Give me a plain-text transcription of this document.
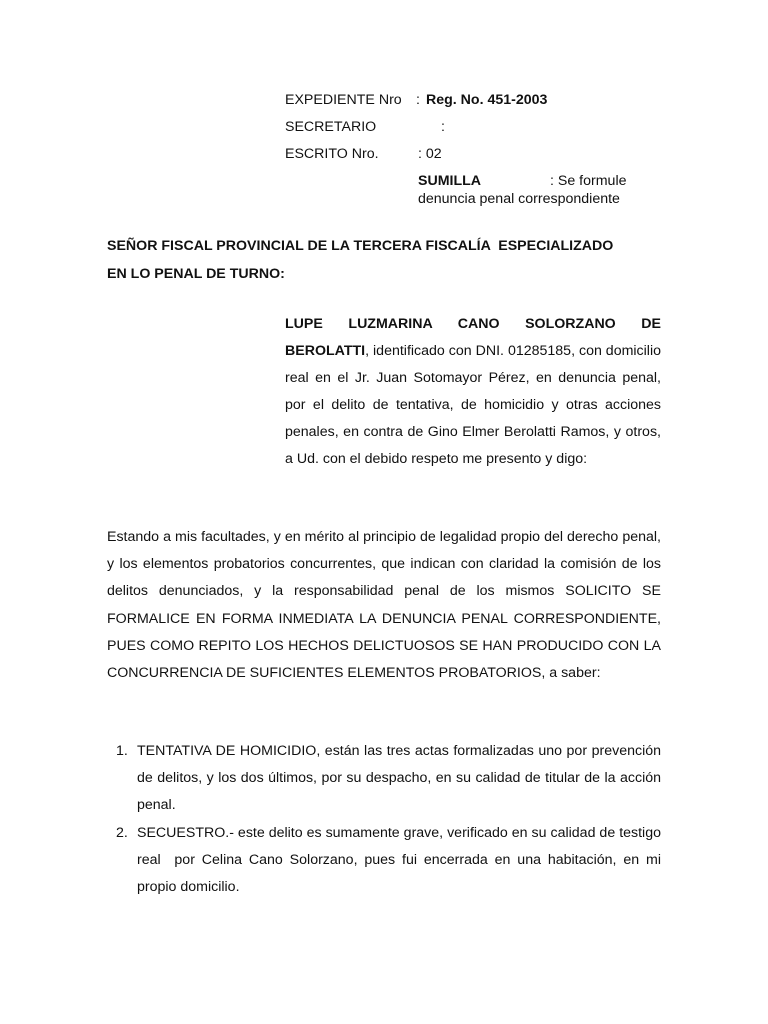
EXPEDIENTE Nro : Reg. No. 451-2003
SECRETARIO	:
ESCRITO Nro.	: 02
SUMILLA	: Se formule
denuncia penal correspondiente
SEÑOR FISCAL PROVINCIAL DE LA TERCERA FISCALÍA  ESPECIALIZADO
EN LO PENAL DE TURNO:
LUPE LUZMARINA CANO SOLORZANO DE BEROLATTI, identificado con DNI. 01285185, con domicilio real en el Jr. Juan Sotomayor Pérez, en denuncia penal, por el delito de tentativa, de homicidio y otras acciones penales, en contra de Gino Elmer Berolatti Ramos, y otros,  a Ud. con el debido respeto me presento y digo:
Estando a mis facultades, y en mérito al principio de legalidad propio del derecho penal, y los elementos probatorios concurrentes, que indican con claridad la comisión de los delitos denunciados, y la responsabilidad penal de los mismos SOLICITO SE FORMALICE EN FORMA INMEDIATA LA DENUNCIA PENAL CORRESPONDIENTE, PUES COMO REPITO LOS HECHOS DELICTUOSOS SE HAN PRODUCIDO CON LA CONCURRENCIA DE SUFICIENTES ELEMENTOS PROBATORIOS, a saber:
1. TENTATIVA DE HOMICIDIO, están las tres actas formalizadas uno por prevención de delitos, y los dos últimos, por su despacho, en su calidad de titular de la acción penal.
2. SECUESTRO.- este delito es sumamente grave, verificado en su calidad de testigo real  por Celina Cano Solorzano, pues fui encerrada en una habitación, en mi propio domicilio.
